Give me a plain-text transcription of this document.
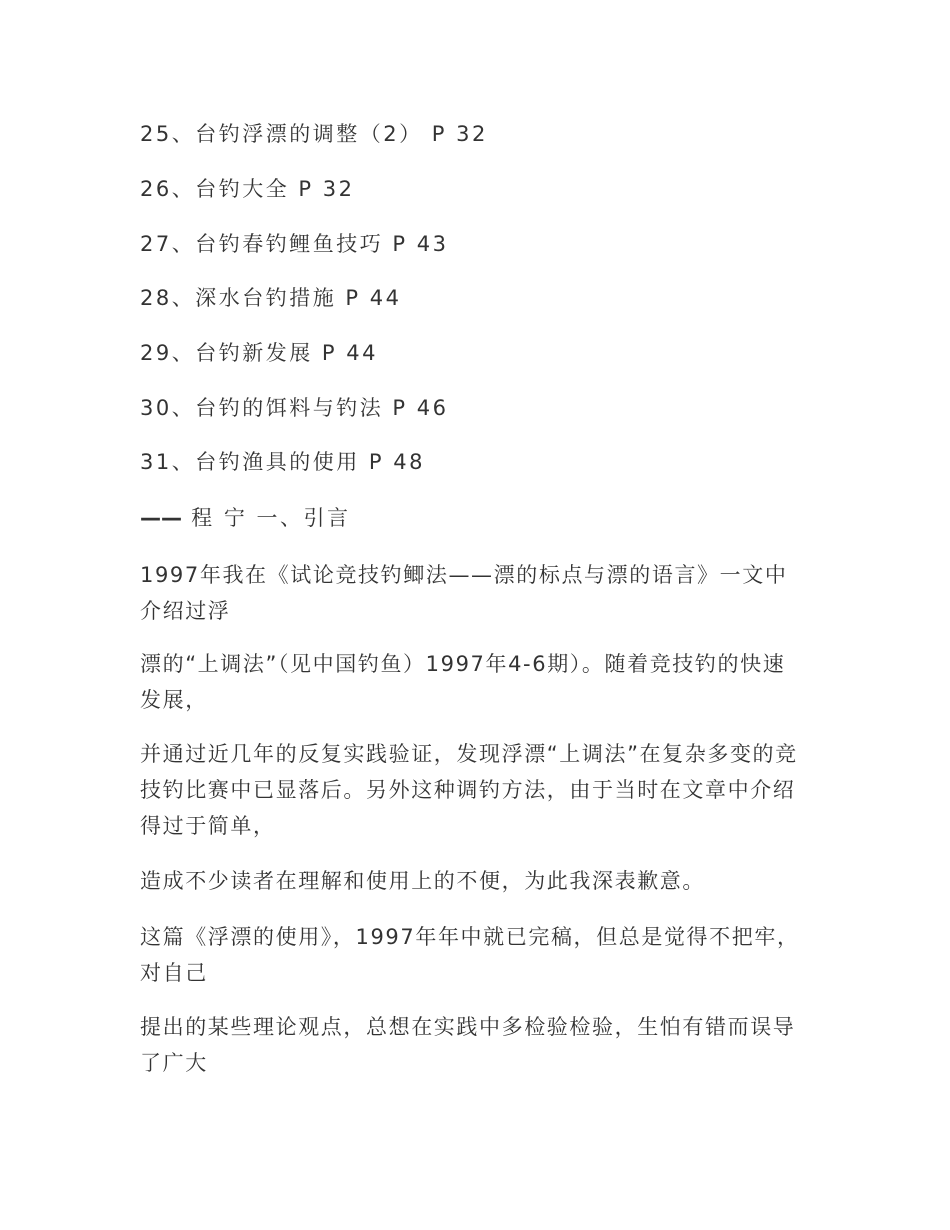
25、台钓浮漂的调整（2） P 32
26、台钓大全 P 32
27、台钓春钓鲤鱼技巧 P 43
28、深水台钓措施 P 44
29、台钓新发展 P 44
30、台钓的饵料与钓法 P 46
31、台钓渔具的使用 P 48
—— 程 宁 一、引言
1997年我在《试论竞技钓鲫法——漂的标点与漂的语言》一文中介绍过浮
漂的“上调法”（见中国钓鱼）1997年4-6期）。随着竞技钓的快速发展，
并通过近几年的反复实践验证，发现浮漂“上调法”在复杂多变的竞技钓比赛中已显落后。另外这种调钓方法，由于当时在文章中介绍得过于简单，
造成不少读者在理解和使用上的不便，为此我深表歉意。
这篇《浮漂的使用》，1997年年中就已完稿，但总是觉得不把牢，对自己
提出的某些理论观点，总想在实践中多检验检验，生怕有错而误导了广大
